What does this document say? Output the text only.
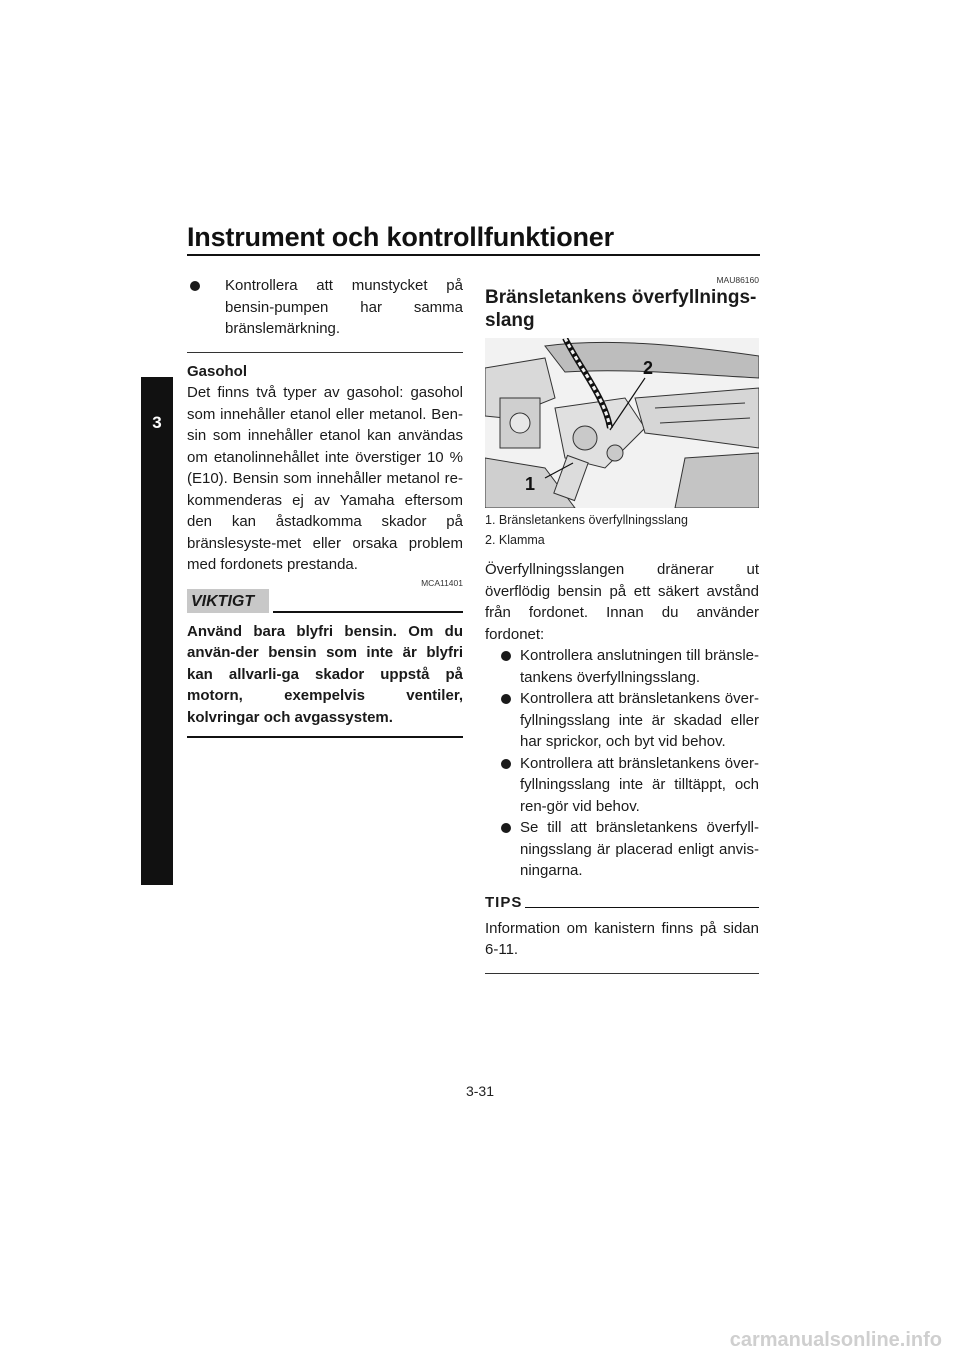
Instrument och kontrollfunktioner
3
Kontrollera att munstycket på bensin-pumpen har samma bränslemärkning.
Gasohol
Det finns två typer av gasohol: gasohol som innehåller etanol eller metanol. Ben-sin som innehåller etanol kan användas om etanolinnehållet inte överstiger 10 % (E10). Bensin som innehåller metanol re-kommenderas ej av Yamaha eftersom den kan åstadkomma skador på bränslesyste-met eller orsaka problem med fordonets prestanda.
MCA11401
VIKTIGT
Använd bara blyfri bensin. Om du använ-der bensin som inte är blyfri kan allvarli-ga skador uppstå på motorn, exempelvis ventiler, kolvringar och avgassystem.
MAU86160
Bränsletankens överfyllnings-slang
2
1
1. Bränsletankens överfyllningsslang
2. Klamma
Överfyllningsslangen dränerar ut överflödig bensin på ett säkert avstånd från fordonet. Innan du använder fordonet:
Kontrollera anslutningen till bränsle-tankens överfyllningsslang.
Kontrollera att bränsletankens över-fyllningsslang inte är skadad eller har sprickor, och byt vid behov.
Kontrollera att bränsletankens över-fyllningsslang inte är tilltäppt, och ren-gör vid behov.
Se till att bränsletankens överfyll-ningsslang är placerad enligt anvis-ningarna.
TIPS
Information om kanistern finns på sidan 6-11.
3-31
carmanualsonline.info
